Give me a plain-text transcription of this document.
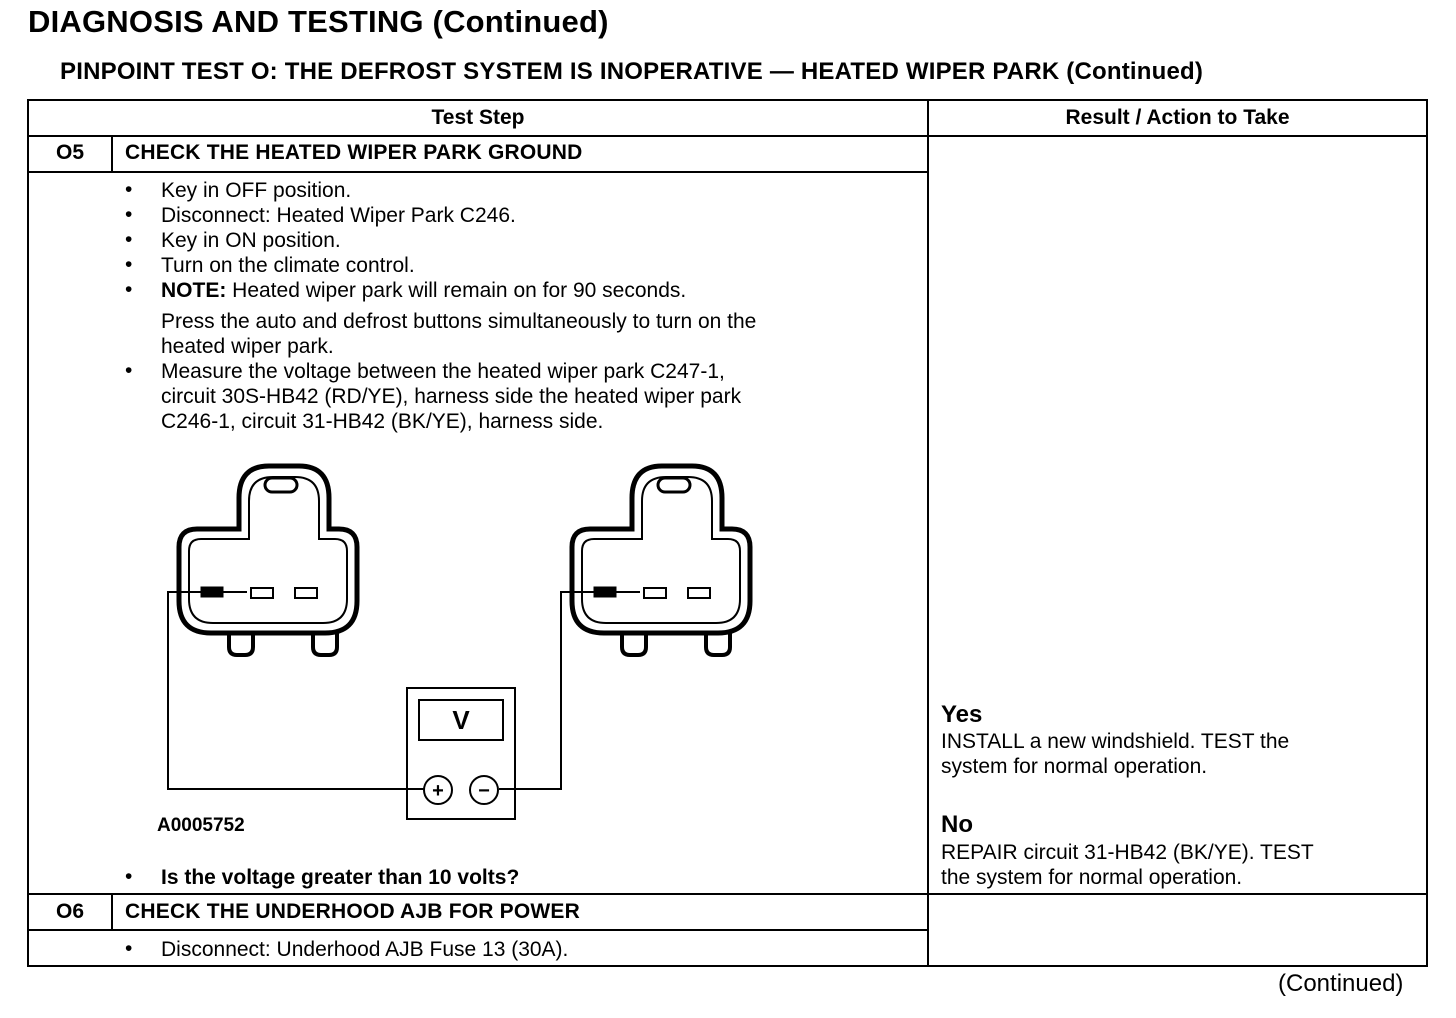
DIAGNOSIS AND TESTING (Continued)
PINPOINT TEST O: THE DEFROST SYSTEM IS INOPERATIVE — HEATED WIPER PARK (Continued)
Test Step	Result / Action to Take
O5	CHECK THE HEATED WIPER PARK GROUND
• Key in OFF position.
• Disconnect: Heated Wiper Park C246.
• Key in ON position.
• Turn on the climate control.
• NOTE: Heated wiper park will remain on for 90 seconds.
Press the auto and defrost buttons simultaneously to turn on the
heated wiper park.
• Measure the voltage between the heated wiper park C247-1,
circuit 30S-HB42 (RD/YE), harness side the heated wiper park
C246-1, circuit 31-HB42 (BK/YE), harness side.
V
+ −
A0005752
• Is the voltage greater than 10 volts?
Yes
INSTALL a new windshield. TEST the
system for normal operation.
No
REPAIR circuit 31-HB42 (BK/YE). TEST
the system for normal operation.
O6	CHECK THE UNDERHOOD AJB FOR POWER
• Disconnect: Underhood AJB Fuse 13 (30A).
(Continued)
